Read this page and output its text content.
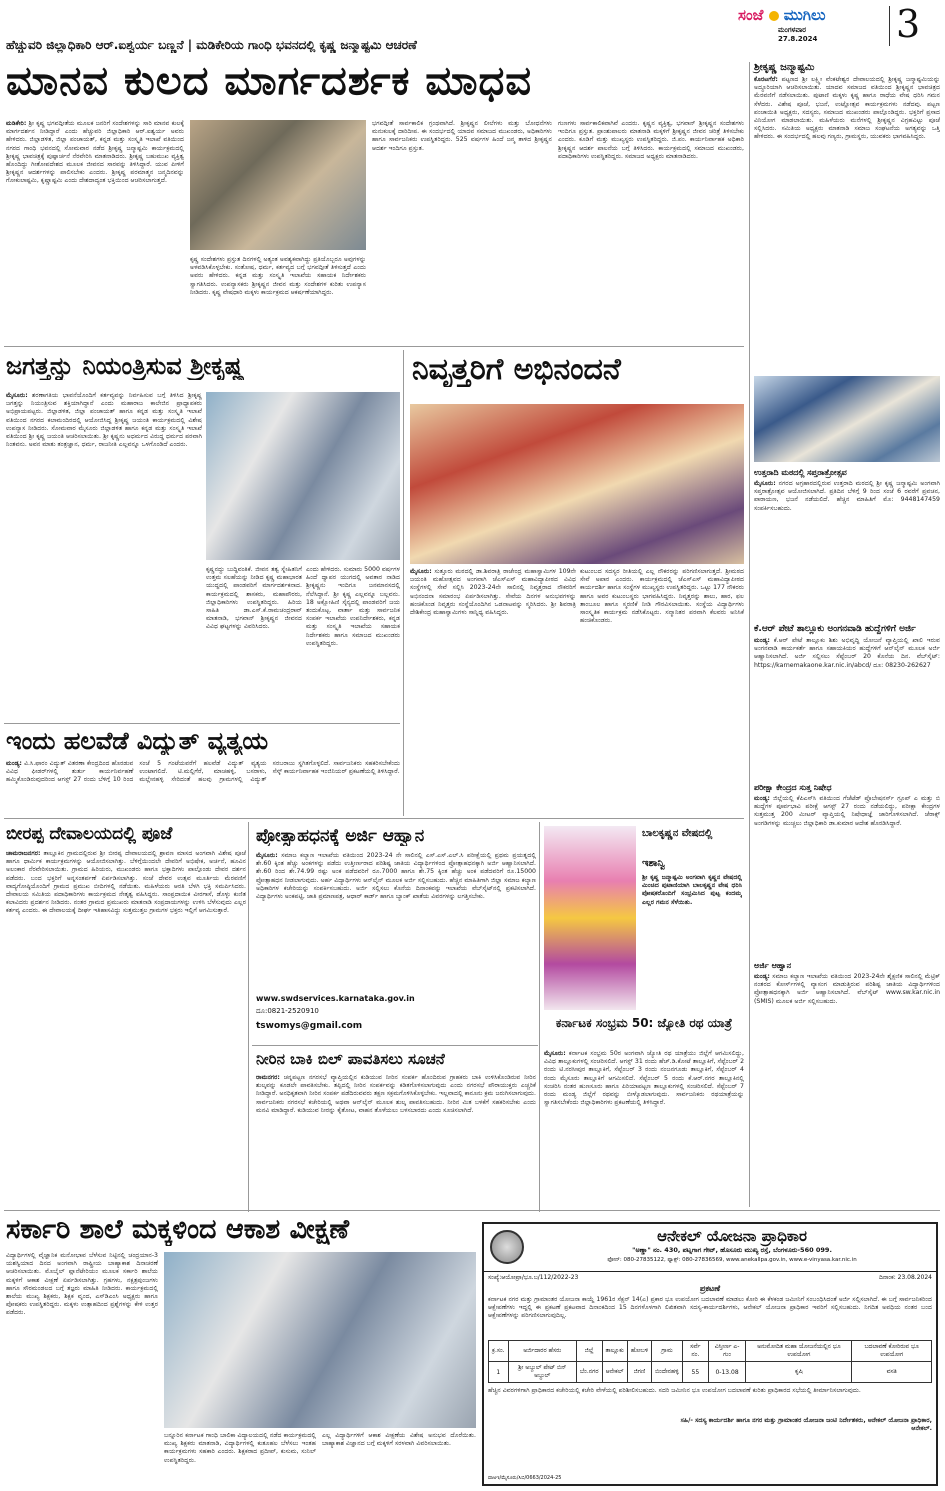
ಸಂಜೆ ಮುಗಿಲು
ಮಂಗಳವಾರ
27.8.2024 3
ಹೆಚ್ಚುವರಿ ಜಿಲ್ಲಾಧಿಕಾರಿ ಆರ್.ಐಶ್ವರ್ಯ ಬಣ್ಣನೆ | ಮಡಿಕೇರಿಯ ಗಾಂಧಿ ಭವನದಲ್ಲಿ ಕೃಷ್ಣ ಜನ್ಮಾಷ್ಟಮಿ ಆಚರಣೆ
ಮಾನವ ಕುಲದ ಮಾರ್ಗದರ್ಶಕ ಮಾಧವ
ಮಡಿಕೇರಿ: ಶ್ರೀ ಕೃಷ್ಣ ಭಗವದ್ಗೀತೆಯ ಮೂಲಕ ಜನರಿಗೆ ಸಂದೇಶಗಳನ್ನು ಸಾರಿ ಮಾನವ ಕುಲಕ್ಕೆ ಮಾರ್ಗದರ್ಶನ ನೀಡಿದ್ದಾರೆ ಎಂದು ಹೆಚ್ಚುವರಿ ಜಿಲ್ಲಾಧಿಕಾರಿ ಆರ್.ಐಶ್ವರ್ಯ ಅವರು ಹೇಳಿದರು. ಜಿಲ್ಲಾಡಳಿತ, ಜಿಲ್ಲಾ ಪಂಚಾಯತ್, ಕನ್ನಡ ಮತ್ತು ಸಂಸ್ಕೃತಿ ಇಲಾಖೆ ವತಿಯಿಂದ ನಗರದ ಗಾಂಧಿ ಭವನದಲ್ಲಿ ಸೋಮವಾರ ನಡೆದ ಶ್ರೀಕೃಷ್ಣ ಜನ್ಮಾಷ್ಟಮಿ ಕಾರ್ಯಕ್ರಮದಲ್ಲಿ ಶ್ರೀಕೃಷ್ಣ ಭಾವಚಿತ್ರಕ್ಕೆ ಪುಷ್ಪಾರ್ಚನೆ ನೆರವೇರಿಸಿ ಮಾತನಾಡಿದರು. ಶ್ರೀಕೃಷ್ಣ ಬಹುಮುಖ ವ್ಯಕ್ತಿತ್ವ ಹೊಂದಿದ್ದು ಗೀತೋಪದೇಶದ ಮೂಲಕ ಜೀವನದ ಸಾರವನ್ನು ತಿಳಿಸಿದ್ದಾರೆ. ಯುವ ಪೀಳಿಗೆ ಶ್ರೀಕೃಷ್ಣನ ಆದರ್ಶಗಳನ್ನು ಪಾಲಿಸಬೇಕು ಎಂದರು. ಶ್ರೀಕೃಷ್ಣ ಪರಮಾತ್ಮನ ಜನ್ಮದಿನವನ್ನು ಗೋಕುಲಾಷ್ಟಮಿ, ಕೃಷ್ಣಾಷ್ಟಮಿ ಎಂದು ದೇಶದಾದ್ಯಂತ ಭಕ್ತಿಯಿಂದ ಆಚರಿಸಲಾಗುತ್ತದೆ.
ಕೃಷ್ಣ ಸಂದೇಶಗಳು ಪ್ರಸ್ತುತ ದಿನಗಳಲ್ಲಿ ಅತ್ಯಂತ ಅವಶ್ಯಕವಾಗಿದ್ದು ಪ್ರತಿಯೊಬ್ಬರೂ ಅವುಗಳನ್ನು ಅಳವಡಿಸಿಕೊಳ್ಳಬೇಕು. ಸಂತೋಷ, ಧರ್ಮ, ಕರ್ತವ್ಯದ ಬಗ್ಗೆ ಭಗವದ್ಗೀತೆ ತಿಳಿಸುತ್ತದೆ ಎಂದು ಅವರು ಹೇಳಿದರು. ಕನ್ನಡ ಮತ್ತು ಸಂಸ್ಕೃತಿ ಇಲಾಖೆಯ ಸಹಾಯಕ ನಿರ್ದೇಶಕರು ಸ್ವಾಗತಿಸಿದರು. ಉಪನ್ಯಾಸಕರು ಶ್ರೀಕೃಷ್ಣನ ಜೀವನ ಮತ್ತು ಸಂದೇಶಗಳ ಕುರಿತು ಉಪನ್ಯಾಸ ನೀಡಿದರು. ಕೃಷ್ಣ ವೇಷಧಾರಿ ಮಕ್ಕಳು ಕಾರ್ಯಕ್ರಮದ ಆಕರ್ಷಣೆಯಾಗಿದ್ದರು.
ಭಗವದ್ಗೀತೆ ಸಾರ್ವಕಾಲಿಕ ಗ್ರಂಥವಾಗಿದೆ. ಶ್ರೀಕೃಷ್ಣನ ಲೀಲೆಗಳು ಮತ್ತು ಬೋಧನೆಗಳು ಮನುಕುಲಕ್ಕೆ ದಾರಿದೀಪ. ಈ ಸಂದರ್ಭದಲ್ಲಿ ಯಾದವ ಸಮಾಜದ ಮುಖಂಡರು, ಅಧಿಕಾರಿಗಳು ಹಾಗೂ ಸಾರ್ವಜನಿಕರು ಉಪಸ್ಥಿತರಿದ್ದರು. 525 ವರ್ಷಗಳ ಹಿಂದೆ ಜನ್ಮ ತಾಳಿದ ಶ್ರೀಕೃಷ್ಣನ ಆದರ್ಶ ಇಂದಿಗೂ ಪ್ರಸ್ತುತ.
ಗುಣಗಳು ಸಾರ್ವಕಾಲಿಕವಾಗಿವೆ ಎಂದರು. ಕೃಷ್ಣನ ವ್ಯಕ್ತಿತ್ವ, ಭಗವಾನ್ ಶ್ರೀಕೃಷ್ಣನ ಸಂದೇಶಗಳು ಇಂದಿಗೂ ಪ್ರಸ್ತುತ. ಪ್ರಾಂಶುಪಾಲರು ಮಾತನಾಡಿ ಮಕ್ಕಳಿಗೆ ಶ್ರೀಕೃಷ್ಣನ ಜೀವನ ಚರಿತ್ರೆ ತಿಳಿಸಬೇಕು ಎಂದರು. ಕೂಡಿಗೆ ಮತ್ತು ಮುಖ್ಯಸ್ಥರು ಉಪಸ್ಥಿತರಿದ್ದರು. ಜಿ.ಪಂ. ಕಾರ್ಯನಿರ್ವಾಹಕ ಅಧಿಕಾರಿ ಶ್ರೀಕೃಷ್ಣನ ಆದರ್ಶ ಪಾಲನೆಯ ಬಗ್ಗೆ ತಿಳಿಸಿದರು. ಕಾರ್ಯಕ್ರಮದಲ್ಲಿ ಸಮಾಜದ ಮುಖಂಡರು, ಪದಾಧಿಕಾರಿಗಳು ಉಪಸ್ಥಿತರಿದ್ದರು. ಸಮಾಜದ ಅಧ್ಯಕ್ಷರು ಮಾತನಾಡಿದರು.
ಜಗತ್ತನ್ನು ನಿಯಂತ್ರಿಸುವ ಶ್ರೀಕೃಷ್ಣ
ಮೈಸೂರು: ಶರಣಾಗತಿಯ ಭಾವನೆಯೊಂದಿಗೆ ಕರ್ತವ್ಯವನ್ನು ನಿರ್ವಹಿಸುವ ಬಗ್ಗೆ ತಿಳಿಸಿದ ಶ್ರೀಕೃಷ್ಣ ಜಗತ್ತನ್ನು ನಿಯಂತ್ರಿಸುವ ಶಕ್ತಿಯಾಗಿದ್ದಾನೆ ಎಂದು ಮಹಾರಾಜ ಕಾಲೇಜಿನ ಪ್ರಾಧ್ಯಾಪಕರು ಅಭಿಪ್ರಾಯಪಟ್ಟರು. ಜಿಲ್ಲಾಡಳಿತ, ಜಿಲ್ಲಾ ಪಂಚಾಯತ್ ಹಾಗೂ ಕನ್ನಡ ಮತ್ತು ಸಂಸ್ಕೃತಿ ಇಲಾಖೆ ವತಿಯಿಂದ ನಗರದ ಕಲಾಮಂದಿರದಲ್ಲಿ ಆಯೋಜಿಸಿದ್ದ ಶ್ರೀಕೃಷ್ಣ ಜಯಂತಿ ಕಾರ್ಯಕ್ರಮದಲ್ಲಿ ವಿಶೇಷ ಉಪನ್ಯಾಸ ನೀಡಿದರು. ಸೋಮವಾರ ಮೈಸೂರು ಜಿಲ್ಲಾಡಳಿತ ಹಾಗೂ ಕನ್ನಡ ಮತ್ತು ಸಂಸ್ಕೃತಿ ಇಲಾಖೆ ವತಿಯಿಂದ ಶ್ರೀ ಕೃಷ್ಣ ಜಯಂತಿ ಆಚರಿಸಲಾಯಿತು. ಶ್ರೀ ಕೃಷ್ಣನು ಅಧರ್ಮದ ವಿರುದ್ಧ ಧರ್ಮದ ಪರವಾಗಿ ನಿಂತವನು. ಅವನ ಮಾತು ತಂತ್ರಜ್ಞಾನ, ಧರ್ಮ, ರಾಜನೀತಿ ಎಲ್ಲವನ್ನೂ ಒಳಗೊಂಡಿದೆ ಎಂದರು.
ಕೃಷ್ಣನದ್ದು ಬುದ್ಧಿವಂತಿಕೆ. ಜೀವನ ತತ್ವ ಸ್ನೇಹಿತನಿಗೆ ಉತ್ತಮ ಸಲಹೆಯನ್ನು ನೀಡಿದ ಕೃಷ್ಣ ಮಹಾಭಾರತ ಯುದ್ಧದಲ್ಲಿ ಪಾಂಡವರಿಗೆ ಮಾರ್ಗದರ್ಶಕನಾದ. ಕಾರ್ಯಕ್ರಮದಲ್ಲಿ ಶಾಸಕರು, ಮಹಾಪೌರರು, ಜಿಲ್ಲಾಧಿಕಾರಿಗಳು ಉಪಸ್ಥಿತರಿದ್ದರು. ಹಿರಿಯ ಸಾಹಿತಿ ಡಾ.ಎಸ್.ಕೆ.ರಾಮಚಂದ್ರರಾವ್ ಮಾತನಾಡಿ, ಭಗವಾನ್ ಶ್ರೀಕೃಷ್ಣನ ಜೀವನದ ವಿವಿಧ ಘಟ್ಟಗಳನ್ನು ವಿವರಿಸಿದರು.
ಎಂದು ಹೇಳಿದರು. ಸುಮಾರು 5000 ವರ್ಷಗಳ ಹಿಂದೆ ದ್ವಾಪರ ಯುಗದಲ್ಲಿ ಅವತಾರ ನಾಡಿದ ಶ್ರೀಕೃಷ್ಣನು ಇಂದಿಗೂ ಜನಮಾನಸದಲ್ಲಿ ನೆಲೆಸಿದ್ದಾನೆ. ಶ್ರೀ ಕೃಷ್ಣ ಎಲ್ಲವನ್ನೂ ಬಲ್ಲವನು. 18 ಅಕ್ಷೋಹಿಣಿ ಸೈನ್ಯದಲ್ಲಿ ಪಾಂಡವರಿಗೆ ಜಯ ತಂದುಕೊಟ್ಟ. ವಾರ್ತಾ ಮತ್ತು ಸಾರ್ವಜನಿಕ ಸಂಪರ್ಕ ಇಲಾಖೆಯ ಉಪನಿರ್ದೇಶಕರು, ಕನ್ನಡ ಮತ್ತು ಸಂಸ್ಕೃತಿ ಇಲಾಖೆಯ ಸಹಾಯಕ ನಿರ್ದೇಶಕರು ಹಾಗೂ ಸಮಾಜದ ಮುಖಂಡರು ಉಪಸ್ಥಿತರಿದ್ದರು.
ನಿವೃತ್ತರಿಗೆ ಅಭಿನಂದನೆ
ಮೈಸೂರು: ಸುತ್ತೂರು ಮಠದಲ್ಲಿ ಡಾ.ಶಿವರಾತ್ರಿ ರಾಜೇಂದ್ರ ಮಹಾಸ್ವಾಮಿಗಳ 109ನೇ ಜಯಂತಿ ಮಹೋತ್ಸವದ ಅಂಗವಾಗಿ ಜೆಎಸ್‌ಎಸ್ ಮಹಾವಿದ್ಯಾಪೀಠದ ವಿವಿಧ ಸಂಸ್ಥೆಗಳಲ್ಲಿ ಸೇವೆ ಸಲ್ಲಿಸಿ 2023-24ನೇ ಸಾಲಿನಲ್ಲಿ ನಿವೃತ್ತರಾದ ನೌಕರರಿಗೆ ಅಭಿನಂದನಾ ಸಮಾರಂಭ ಏರ್ಪಡಿಸಲಾಗಿತ್ತು. ಸೇವೆಯ ದಿನಗಳ ಅನುಭವಗಳನ್ನು ಹಂಚಿಕೊಂಡ ನಿವೃತ್ತರು ಸಂಸ್ಥೆಯೊಂದಿಗಿನ ಒಡನಾಟವನ್ನು ಸ್ಮರಿಸಿದರು. ಶ್ರೀ ಶಿವರಾತ್ರಿ ದೇಶಿಕೇಂದ್ರ ಮಹಾಸ್ವಾಮಿಗಳು ಸಾನ್ನಿಧ್ಯ ವಹಿಸಿದ್ದರು.
ಕುಟುಂಬದ ಸದಸ್ಯರ ರೀತಿಯಲ್ಲಿ ಎಲ್ಲ ನೌಕರರನ್ನು ಪರಿಗಣಿಸಲಾಗುತ್ತದೆ. ಶ್ರೀಮಠದ ಸೇವೆ ಅಪಾರ ಎಂದರು. ಕಾರ್ಯಕ್ರಮದಲ್ಲಿ ಜೆಎಸ್‌ಎಸ್ ಮಹಾವಿದ್ಯಾಪೀಠದ ಕಾರ್ಯದರ್ಶಿ ಹಾಗೂ ಸಂಸ್ಥೆಗಳ ಮುಖ್ಯಸ್ಥರು ಉಪಸ್ಥಿತರಿದ್ದರು. ಒಟ್ಟು 177 ನೌಕರರು ಹಾಗೂ ಅವರ ಕುಟುಂಬಸ್ಥರು ಭಾಗವಹಿಸಿದ್ದರು. ನಿವೃತ್ತರನ್ನು ಶಾಲು, ಹಾರ, ಫಲ ತಾಂಬೂಲ ಹಾಗೂ ಸ್ಮರಣಿಕೆ ನೀಡಿ ಗೌರವಿಸಲಾಯಿತು. ಸಂಸ್ಥೆಯ ವಿದ್ಯಾರ್ಥಿಗಳು ಸಾಂಸ್ಕೃತಿಕ ಕಾರ್ಯಕ್ರಮ ನಡೆಸಿಕೊಟ್ಟರು. ಸನ್ಮಾನಿತರ ಪರವಾಗಿ ಕೆಲವರು ಅನಿಸಿಕೆ ಹಂಚಿಕೊಂಡರು.
ಇಂದು ಹಲವೆಡೆ ವಿದ್ಯುತ್ ವ್ಯತ್ಯಯ
ಮಂಡ್ಯ: ವಿ.ಸಿ.ಫಾರಂ ವಿದ್ಯುತ್ ವಿತರಣಾ ಕೇಂದ್ರದಿಂದ ಹೊರಡುವ ವಿವಿಧ ಫೀಡರ್‌ಗಳಲ್ಲಿ ತುರ್ತು ಕಾರ್ಯನಿರ್ವಹಣೆ ಹಮ್ಮಿಕೊಂಡಿರುವುದರಿಂದ ಆಗಸ್ಟ್ 27 ರಂದು ಬೆಳಿಗ್ಗೆ 10 ರಿಂದ ಸಂಜೆ 5 ಗಂಟೆಯವರೆಗೆ ಹಲವೆಡೆ ವಿದ್ಯುತ್ ವ್ಯತ್ಯಯ ಉಂಟಾಗಲಿದೆ. ಟಿ.ಮಲ್ಲಿಗೆರೆ, ಮಾಚಹಳ್ಳಿ, ಬಸರಾಳು, ಮಲ್ಲೇನಹಳ್ಳಿ ಸೇರಿದಂತೆ ಹಲವು ಗ್ರಾಮಗಳಲ್ಲಿ ವಿದ್ಯುತ್ ಸರಬರಾಜು ಸ್ಥಗಿತಗೊಳ್ಳಲಿದೆ. ಸಾರ್ವಜನಿಕರು ಸಹಕರಿಸಬೇಕೆಂದು ಸೆಸ್ಕ್ ಕಾರ್ಯನಿರ್ವಾಹಕ ಇಂಜಿನಿಯರ್ ಪ್ರಕಟಣೆಯಲ್ಲಿ ತಿಳಿಸಿದ್ದಾರೆ.
ಬೀರಪ್ಪ ದೇವಾಲಯದಲ್ಲಿ ಪೂಜೆ
ಚಾಮರಾಜನಗರ: ತಾಲ್ಲೂಕಿನ ಗ್ರಾಮದಲ್ಲಿರುವ ಶ್ರೀ ಬೀರಪ್ಪ ದೇವಾಲಯದಲ್ಲಿ ಶ್ರಾವಣ ಮಾಸದ ಅಂಗವಾಗಿ ವಿಶೇಷ ಪೂಜೆ ಹಾಗೂ ಧಾರ್ಮಿಕ ಕಾರ್ಯಕ್ರಮಗಳನ್ನು ಆಯೋಜಿಸಲಾಗಿತ್ತು. ಬೆಳಿಗ್ಗೆಯಿಂದಲೇ ದೇವರಿಗೆ ಅಭಿಷೇಕ, ಅರ್ಚನೆ, ಹೂವಿನ ಅಲಂಕಾರ ನೆರವೇರಿಸಲಾಯಿತು. ಗ್ರಾಮದ ಹಿರಿಯರು, ಮುಖಂಡರು ಹಾಗೂ ಭಕ್ತಾದಿಗಳು ಪಾಲ್ಗೊಂಡು ದೇವರ ದರ್ಶನ ಪಡೆದರು. ಬಂದ ಭಕ್ತರಿಗೆ ಅನ್ನಸಂತರ್ಪಣೆ ಏರ್ಪಡಿಸಲಾಗಿತ್ತು. ಸಂಜೆ ದೇವರ ಉತ್ಸವ ಮೂರ್ತಿಯ ಮೆರವಣಿಗೆ ವಾದ್ಯಗೋಷ್ಠಿಯೊಂದಿಗೆ ಗ್ರಾಮದ ಪ್ರಮುಖ ಬೀದಿಗಳಲ್ಲಿ ನಡೆಯಿತು. ಮಹಿಳೆಯರು ಆರತಿ ಬೆಳಗಿ ಭಕ್ತಿ ಸಮರ್ಪಿಸಿದರು. ದೇವಾಲಯ ಸಮಿತಿಯ ಪದಾಧಿಕಾರಿಗಳು ಕಾರ್ಯಕ್ರಮದ ನೇತೃತ್ವ ವಹಿಸಿದ್ದರು. ಸಾಂಪ್ರದಾಯಿಕ ವೀರಗಾಸೆ, ಡೊಳ್ಳು ಕುಣಿತ ಕಲಾವಿದರು ಪ್ರದರ್ಶನ ನೀಡಿದರು. ನಂತರ ಗ್ರಾಮದ ಪ್ರಮುಖರು ಮಾತನಾಡಿ ಸಂಪ್ರದಾಯಗಳನ್ನು ಉಳಿಸಿ ಬೆಳೆಸುವುದು ಎಲ್ಲರ ಕರ್ತವ್ಯ ಎಂದರು. ಈ ದೇವಾಲಯಕ್ಕೆ ದೀರ್ಘ ಇತಿಹಾಸವಿದ್ದು ಸುತ್ತಮುತ್ತಲ ಗ್ರಾಮಗಳ ಭಕ್ತರು ಇಲ್ಲಿಗೆ ಆಗಮಿಸುತ್ತಾರೆ.
ಪ್ರೋತ್ಸಾಹಧನಕ್ಕೆ ಅರ್ಜಿ ಆಹ್ವಾನ
ಮೈಸೂರು: ಸಮಾಜ ಕಲ್ಯಾಣ ಇಲಾಖೆಯ ವತಿಯಿಂದ 2023-24 ನೇ ಸಾಲಿನಲ್ಲಿ ಎಸ್.ಎಸ್.ಎಲ್.ಸಿ ಪರೀಕ್ಷೆಯಲ್ಲಿ ಪ್ರಥಮ ಪ್ರಯತ್ನದಲ್ಲಿ ಶೇ.60 ಕ್ಕಿಂತ ಹೆಚ್ಚು ಅಂಕಗಳನ್ನು ಪಡೆದು ಉತ್ತೀರ್ಣರಾದ ಪರಿಶಿಷ್ಟ ಜಾತಿಯ ವಿದ್ಯಾರ್ಥಿಗಳಿಂದ ಪ್ರೋತ್ಸಾಹಧನಕ್ಕಾಗಿ ಅರ್ಜಿ ಆಹ್ವಾನಿಸಲಾಗಿದೆ. ಶೇ.60 ರಿಂದ ಶೇ.74.99 ರಷ್ಟು ಅಂಕ ಪಡೆದವರಿಗೆ ರೂ.7000 ಹಾಗೂ ಶೇ.75 ಕ್ಕಿಂತ ಹೆಚ್ಚು ಅಂಕ ಪಡೆದವರಿಗೆ ರೂ.15000 ಪ್ರೋತ್ಸಾಹಧನ ನೀಡಲಾಗುವುದು. ಅರ್ಹ ವಿದ್ಯಾರ್ಥಿಗಳು ಆನ್‌ಲೈನ್ ಮೂಲಕ ಅರ್ಜಿ ಸಲ್ಲಿಸಬಹುದು. ಹೆಚ್ಚಿನ ಮಾಹಿತಿಗಾಗಿ ಜಿಲ್ಲಾ ಸಮಾಜ ಕಲ್ಯಾಣ ಅಧಿಕಾರಿಗಳ ಕಚೇರಿಯನ್ನು ಸಂಪರ್ಕಿಸಬಹುದು. ಅರ್ಜಿ ಸಲ್ಲಿಸಲು ಕೊನೆಯ ದಿನಾಂಕವನ್ನು ಇಲಾಖೆಯ ವೆಬ್‌ಸೈಟ್‌ನಲ್ಲಿ ಪ್ರಕಟಿಸಲಾಗಿದೆ. ವಿದ್ಯಾರ್ಥಿಗಳು ಅಂಕಪಟ್ಟಿ, ಜಾತಿ ಪ್ರಮಾಣಪತ್ರ, ಆಧಾರ್ ಕಾರ್ಡ್ ಹಾಗೂ ಬ್ಯಾಂಕ್ ಖಾತೆಯ ವಿವರಗಳನ್ನು ಲಗತ್ತಿಸಬೇಕು.
www.swdservices.karnataka.gov.in
ದೂ:0821-2520910
tswomys@gmail.com
ನೀರಿನ ಬಾಕಿ ಬಿಲ್ ಪಾವತಿಸಲು ಸೂಚನೆ
ರಾಮನಗರ: ಚನ್ನಪಟ್ಟಣ ನಗರಸಭೆ ವ್ಯಾಪ್ತಿಯಲ್ಲಿನ ಕುಡಿಯುವ ನೀರಿನ ಸಂಪರ್ಕ ಹೊಂದಿರುವ ಗ್ರಾಹಕರು ಬಾಕಿ ಉಳಿಸಿಕೊಂಡಿರುವ ನೀರಿನ ಶುಲ್ಕವನ್ನು ಕೂಡಲೇ ಪಾವತಿಸಬೇಕು. ತಪ್ಪಿದಲ್ಲಿ ನೀರಿನ ಸಂಪರ್ಕವನ್ನು ಕಡಿತಗೊಳಿಸಲಾಗುವುದು ಎಂದು ನಗರಸಭೆ ಪೌರಾಯುಕ್ತರು ಎಚ್ಚರಿಕೆ ನೀಡಿದ್ದಾರೆ. ಅನಧಿಕೃತವಾಗಿ ನೀರಿನ ಸಂಪರ್ಕ ಪಡೆದಿರುವವರು ತಕ್ಷಣ ಸಕ್ರಮಗೊಳಿಸಿಕೊಳ್ಳಬೇಕು. ಇಲ್ಲವಾದಲ್ಲಿ ಕಾನೂನು ಕ್ರಮ ಜರುಗಿಸಲಾಗುವುದು. ಸಾರ್ವಜನಿಕರು ನಗರಸಭೆ ಕಚೇರಿಯಲ್ಲಿ ಅಥವಾ ಆನ್‌ಲೈನ್ ಮೂಲಕ ಶುಲ್ಕ ಪಾವತಿಸಬಹುದು. ನೀರಿನ ಮಿತ ಬಳಕೆಗೆ ಸಹಕರಿಸಬೇಕು ಎಂದು ಮನವಿ ಮಾಡಿದ್ದಾರೆ. ಕುಡಿಯುವ ನೀರನ್ನು ಕೈತೋಟ, ವಾಹನ ತೊಳೆಯಲು ಬಳಸಬಾರದು ಎಂದು ಸೂಚಿಸಲಾಗಿದೆ.
ಬಾಲಕೃಷ್ಣನ ವೇಷದಲ್ಲಿ
ಇಶಾನ್ವಿ
ಶ್ರೀ ಕೃಷ್ಣ ಜನ್ಮಾಷ್ಟಮಿ ಅಂಗವಾಗಿ ಕೃಷ್ಣನ ವೇಷದಲ್ಲಿ ಮಿಂಚಿದ ಪುಟಾಣಿಯಾಗಿ ಬಾಲಕೃಷ್ಣನ ವೇಷ ಧರಿಸಿ ಪೋಷಕರೊಂದಿಗೆ ಸಂಭ್ರಮಿಸಿದ ಪುಟ್ಟ ಕಂದಮ್ಮ ಎಲ್ಲರ ಗಮನ ಸೆಳೆಯಿತು.
ಕರ್ನಾಟಕ ಸಂಭ್ರಮ 50: ಜ್ಯೋತಿ ರಥ ಯಾತ್ರೆ
ಮೈಸೂರು: ಕರ್ನಾಟಕ ಸಂಭ್ರಮ 50ರ ಅಂಗವಾಗಿ ಜ್ಯೋತಿ ರಥ ಯಾತ್ರೆಯು ಜಿಲ್ಲೆಗೆ ಆಗಮಿಸಲಿದ್ದು, ವಿವಿಧ ತಾಲ್ಲೂಕುಗಳಲ್ಲಿ ಸಂಚರಿಸಲಿದೆ. ಆಗಸ್ಟ್ 31 ರಂದು ಹೆಚ್.ಡಿ.ಕೋಟೆ ತಾಲ್ಲೂಕಿಗೆ, ಸೆಪ್ಟೆಂಬರ್ 2 ರಂದು ಟಿ.ನರಸೀಪುರ ತಾಲ್ಲೂಕಿಗೆ, ಸೆಪ್ಟೆಂಬರ್ 3 ರಂದು ನಂಜನಗೂಡು ತಾಲ್ಲೂಕಿಗೆ, ಸೆಪ್ಟೆಂಬರ್ 4 ರಂದು ಮೈಸೂರು ತಾಲ್ಲೂಕಿಗೆ ಆಗಮಿಸಲಿದೆ. ಸೆಪ್ಟೆಂಬರ್ 5 ರಂದು ಕೆ.ಆರ್.ನಗರ ತಾಲ್ಲೂಕಿನಲ್ಲಿ ಸಂಚರಿಸಿ ನಂತರ ಹುಣಸೂರು ಹಾಗೂ ಪಿರಿಯಾಪಟ್ಟಣ ತಾಲ್ಲೂಕುಗಳಲ್ಲಿ ಸಂಚರಿಸಲಿದೆ. ಸೆಪ್ಟೆಂಬರ್ 7 ರಂದು ಮಂಡ್ಯ ಜಿಲ್ಲೆಗೆ ರಥವನ್ನು ಬೀಳ್ಕೊಡಲಾಗುವುದು. ಸಾರ್ವಜನಿಕರು ರಥಯಾತ್ರೆಯನ್ನು ಸ್ವಾಗತಿಸಬೇಕೆಂದು ಜಿಲ್ಲಾಧಿಕಾರಿಗಳು ಪ್ರಕಟಣೆಯಲ್ಲಿ ತಿಳಿಸಿದ್ದಾರೆ.
ಶ್ರೀಕೃಷ್ಣ ಜನ್ಮಾಷ್ಟಮಿ
ಕೊರಟಗೆರೆ: ಪಟ್ಟಣದ ಶ್ರೀ ಲಕ್ಷ್ಮೀ ವೆಂಕಟೇಶ್ವರ ದೇವಾಲಯದಲ್ಲಿ ಶ್ರೀಕೃಷ್ಣ ಜನ್ಮಾಷ್ಟಮಿಯನ್ನು ಅದ್ಧೂರಿಯಾಗಿ ಆಚರಿಸಲಾಯಿತು. ಯಾದವ ಸಮಾಜದ ವತಿಯಿಂದ ಶ್ರೀಕೃಷ್ಣನ ಭಾವಚಿತ್ರದ ಮೆರವಣಿಗೆ ನಡೆಸಲಾಯಿತು. ಪುಟಾಣಿ ಮಕ್ಕಳು ಕೃಷ್ಣ ಹಾಗೂ ರಾಧೆಯ ವೇಷ ಧರಿಸಿ ಗಮನ ಸೆಳೆದರು. ವಿಶೇಷ ಪೂಜೆ, ಭಜನೆ, ಉಟ್ಲೋತ್ಸವ ಕಾರ್ಯಕ್ರಮಗಳು ನಡೆದವು. ಪಟ್ಟಣ ಪಂಚಾಯಿತಿ ಅಧ್ಯಕ್ಷರು, ಸದಸ್ಯರು, ಸಮಾಜದ ಮುಖಂಡರು ಪಾಲ್ಗೊಂಡಿದ್ದರು. ಭಕ್ತರಿಗೆ ಪ್ರಸಾದ ವಿನಿಯೋಗ ಮಾಡಲಾಯಿತು. ಮಹಿಳೆಯರು ಮನೆಗಳಲ್ಲಿ ಶ್ರೀಕೃಷ್ಣನ ವಿಗ್ರಹವಿಟ್ಟು ಪೂಜೆ ಸಲ್ಲಿಸಿದರು. ಸಮಿತಿಯ ಅಧ್ಯಕ್ಷರು ಮಾತನಾಡಿ ಸಮಾಜ ಸಂಘಟನೆಯ ಅಗತ್ಯವನ್ನು ಒತ್ತಿ ಹೇಳಿದರು. ಈ ಸಂದರ್ಭದಲ್ಲಿ ಹಲವು ಗಣ್ಯರು, ಗ್ರಾಮಸ್ಥರು, ಯುವಕರು ಭಾಗವಹಿಸಿದ್ದರು.
ಉತ್ತರಾದಿ ಮಠದಲ್ಲಿ ಸಪ್ತರಾತ್ರೋತ್ಸವ
ಮೈಸೂರು: ನಗರದ ಅಗ್ರಹಾರದಲ್ಲಿರುವ ಉತ್ತರಾದಿ ಮಠದಲ್ಲಿ ಶ್ರೀ ಕೃಷ್ಣ ಜನ್ಮಾಷ್ಟಮಿ ಅಂಗವಾಗಿ ಸಪ್ತರಾತ್ರೋತ್ಸವ ಆಯೋಜಿಸಲಾಗಿದೆ. ಪ್ರತಿದಿನ ಬೆಳಿಗ್ಗೆ 9 ರಿಂದ ಸಂಜೆ 6 ರವರೆಗೆ ಪ್ರವಚನ, ಪಾರಾಯಣ, ಭಜನೆ ನಡೆಯಲಿದೆ. ಹೆಚ್ಚಿನ ಮಾಹಿತಿಗೆ ಮೊ: 9448147459 ಸಂಪರ್ಕಿಸಬಹುದು.
ಕೆ.ಆರ್ ಪೇಟೆ ತಾಲ್ಲೂಕು ಅಂಗನವಾಡಿ ಹುದ್ದೆಗಳಿಗೆ ಅರ್ಜಿ
ಮಂಡ್ಯ: ಕೆ.ಆರ್ ಪೇಟೆ ತಾಲ್ಲೂಕು ಶಿಶು ಅಭಿವೃದ್ಧಿ ಯೋಜನೆ ವ್ಯಾಪ್ತಿಯಲ್ಲಿ ಖಾಲಿ ಇರುವ ಅಂಗನವಾಡಿ ಕಾರ್ಯಕರ್ತೆ ಹಾಗೂ ಸಹಾಯಕಿಯರ ಹುದ್ದೆಗಳಿಗೆ ಆನ್‌ಲೈನ್ ಮೂಲಕ ಅರ್ಜಿ ಆಹ್ವಾನಿಸಲಾಗಿದೆ. ಅರ್ಜಿ ಸಲ್ಲಿಸಲು ಸೆಪ್ಟೆಂಬರ್ 20 ಕೊನೆಯ ದಿನ. ವೆಬ್‌ಸೈಟ್: https://karnemakaone.kar.nic.in/abcd/ ದೂ: 08230-262627
ಪರೀಕ್ಷಾ ಕೇಂದ್ರದ ಸುತ್ತ ನಿಷೇಧ
ಮಂಡ್ಯ: ಜಿಲ್ಲೆಯಲ್ಲಿ ಕೆಪಿಎಸ್‌ಸಿ ವತಿಯಿಂದ ಗೆಜೆಟೆಡ್ ಪ್ರೊಬೇಷನರ್ಸ್ ಗ್ರೂಪ್ ಎ ಮತ್ತು ಬಿ ಹುದ್ದೆಗಳ ಪೂರ್ವಭಾವಿ ಪರೀಕ್ಷೆ ಆಗಸ್ಟ್ 27 ರಂದು ನಡೆಯಲಿದ್ದು, ಪರೀಕ್ಷಾ ಕೇಂದ್ರಗಳ ಸುತ್ತಮುತ್ತ 200 ಮೀಟರ್ ವ್ಯಾಪ್ತಿಯಲ್ಲಿ ನಿಷೇಧಾಜ್ಞೆ ಜಾರಿಗೊಳಿಸಲಾಗಿದೆ. ಜೆರಾಕ್ಸ್ ಅಂಗಡಿಗಳನ್ನು ಮುಚ್ಚಲು ಜಿಲ್ಲಾಧಿಕಾರಿ ಡಾ.ಕುಮಾರ ಆದೇಶ ಹೊರಡಿಸಿದ್ದಾರೆ.
ಅರ್ಜಿ ಆಹ್ವಾನ
ಮಂಡ್ಯ: ಸಮಾಜ ಕಲ್ಯಾಣ ಇಲಾಖೆಯ ವತಿಯಿಂದ 2023-24ನೇ ಶೈಕ್ಷಣಿಕ ಸಾಲಿನಲ್ಲಿ ಮೆಟ್ರಿಕ್ ನಂತರದ ಕೋರ್ಸ್‌ಗಳಲ್ಲಿ ವ್ಯಾಸಂಗ ಮಾಡುತ್ತಿರುವ ಪರಿಶಿಷ್ಟ ಜಾತಿಯ ವಿದ್ಯಾರ್ಥಿಗಳಿಂದ ಪ್ರೋತ್ಸಾಹಧನಕ್ಕಾಗಿ ಅರ್ಜಿ ಆಹ್ವಾನಿಸಲಾಗಿದೆ. ವೆಬ್‌ಸೈಟ್ www.sw.kar.nic.in (SMIS) ಮೂಲಕ ಅರ್ಜಿ ಸಲ್ಲಿಸಬಹುದು.
ಸರ್ಕಾರಿ ಶಾಲೆ ಮಕ್ಕಳಿಂದ ಆಕಾಶ ವೀಕ್ಷಣೆ
ವಿದ್ಯಾರ್ಥಿಗಳಲ್ಲಿ ವೈಜ್ಞಾನಿಕ ಮನೋಭಾವ ಬೆಳೆಸುವ ನಿಟ್ಟಿನಲ್ಲಿ ಚಂದ್ರಯಾನ-3 ಯಶಸ್ವಿಯಾದ ದಿನದ ಅಂಗವಾಗಿ ರಾಷ್ಟ್ರೀಯ ಬಾಹ್ಯಾಕಾಶ ದಿನಾಚರಣೆ ಆಚರಿಸಲಾಯಿತು. ಮೊಬೈಲ್ ಪ್ಲಾನೆಟೇರಿಯಂ ಮೂಲಕ ಸರ್ಕಾರಿ ಶಾಲೆಯ ಮಕ್ಕಳಿಗೆ ಆಕಾಶ ವೀಕ್ಷಣೆ ಏರ್ಪಡಿಸಲಾಗಿತ್ತು. ಗ್ರಹಗಳು, ನಕ್ಷತ್ರಪುಂಜಗಳು ಹಾಗೂ ಸೌರಮಂಡಲದ ಬಗ್ಗೆ ತಜ್ಞರು ಮಾಹಿತಿ ನೀಡಿದರು. ಕಾರ್ಯಕ್ರಮದಲ್ಲಿ ಶಾಲೆಯ ಮುಖ್ಯ ಶಿಕ್ಷಕರು, ಶಿಕ್ಷಕ ವೃಂದ, ಎಸ್‌ಡಿಎಂಸಿ ಅಧ್ಯಕ್ಷರು ಹಾಗೂ ಪೋಷಕರು ಉಪಸ್ಥಿತರಿದ್ದರು. ಮಕ್ಕಳು ಉತ್ಸಾಹದಿಂದ ಪ್ರಶ್ನೆಗಳನ್ನು ಕೇಳಿ ಉತ್ತರ ಪಡೆದರು.
ಬನ್ನೂರಿನ ಕರ್ನಾಟಕ ಗಾಂಧಿ ಬಾಲಿಕಾ ವಿದ್ಯಾಲಯದಲ್ಲಿ ನಡೆದ ಕಾರ್ಯಕ್ರಮದಲ್ಲಿ ಮುಖ್ಯ ಶಿಕ್ಷಕರು ಮಾತನಾಡಿ, ವಿದ್ಯಾರ್ಥಿಗಳಲ್ಲಿ ಕುತೂಹಲ ಬೆಳೆಸಲು ಇಂತಹ ಕಾರ್ಯಕ್ರಮಗಳು ಸಹಕಾರಿ ಎಂದರು. ಶಿಕ್ಷಕರಾದ ಪ್ರದೀಪ್, ಕುಸುಮ, ಸುನಿಲ್ ಉಪಸ್ಥಿತರಿದ್ದರು.
ಎಲ್ಲ ವಿದ್ಯಾರ್ಥಿಗಳಿಗೆ ಆಕಾಶ ವೀಕ್ಷಣೆಯ ವಿಶೇಷ ಅನುಭವ ದೊರೆಯಿತು. ಬಾಹ್ಯಾಕಾಶ ವಿಜ್ಞಾನದ ಬಗ್ಗೆ ಮಕ್ಕಳಿಗೆ ಸರಳವಾಗಿ ವಿವರಿಸಲಾಯಿತು.
ಆನೇಕಲ್ ಯೋಜನಾ ಪ್ರಾಧಿಕಾರ
"ಅಣ್ಣಾ" ನಂ. 430, ಪಟ್ನಗಾಗ ಗೇಟ್, ಹೊಸೂರು ಮುಖ್ಯ ರಸ್ತೆ, ಬೆಂಗಳೂರು-560 099.
ಫೋನ್: 080-27835122, ಫ್ಯಾಕ್ಸ್: 080-27836569, www.anekallpa.gov.in, www.e-vinyasa.kar.nic.in
ಸಂಖ್ಯೆ:ಆಯೋಪ್ರಾ/ಭೂ.ಬ/112/2022-23	ದಿನಾಂಕ: 23.08.2024
ಪ್ರಕಟಣೆ
ಕರ್ನಾಟಕ ನಗರ ಮತ್ತು ಗ್ರಾಮಾಂತರ ಯೋಜನಾ ಕಾಯ್ದೆ 1961ರ ಸೆಕ್ಷನ್ 14(ಎ) ಪ್ರಕಾರ ಭೂ ಉಪಯೋಗ ಬದಲಾವಣೆ ಮಾಡಲು ಕೋರಿ ಈ ಕೆಳಕಂಡ ಜಮೀನಿಗೆ ಸಂಬಂಧಿಸಿದಂತೆ ಅರ್ಜಿ ಸಲ್ಲಿಸಲಾಗಿದೆ. ಈ ಬಗ್ಗೆ ಸಾರ್ವಜನಿಕರಿಂದ ಆಕ್ಷೇಪಣೆಗಳು ಇದ್ದಲ್ಲಿ ಈ ಪ್ರಕಟಣೆ ಪ್ರಕಟವಾದ ದಿನಾಂಕದಿಂದ 15 ದಿನಗಳೊಳಗಾಗಿ ಲಿಖಿತವಾಗಿ ಸದಸ್ಯ-ಕಾರ್ಯದರ್ಶಿಗಳು, ಆನೇಕಲ್ ಯೋಜನಾ ಪ್ರಾಧಿಕಾರ ಇವರಿಗೆ ಸಲ್ಲಿಸಬಹುದು. ನಿಗದಿತ ಅವಧಿಯ ನಂತರ ಬಂದ ಆಕ್ಷೇಪಣೆಗಳನ್ನು ಪರಿಗಣಿಸಲಾಗುವುದಿಲ್ಲ.
ಕ್ರ.ಸಂ.	ಅರ್ಜಿದಾರರ ಹೆಸರು	ಜಿಲ್ಲೆ	ತಾಲ್ಲೂಕು	ಹೋಬಳಿ	ಗ್ರಾಮ	ಸರ್ವೆ ನಂ.	ವಿಸ್ತೀರ್ಣ ಎ-ಗುಂ	ಅನುಮೋದಿತ ಮಹಾ ಯೋಜನೆಯಲ್ಲಿನ ಭೂ ಉಪಯೋಗ	ಬದಲಾವಣೆ ಕೋರಿರುವ ಭೂ ಉಪಯೋಗ
1	ಶ್ರೀ ಅಬ್ದುಲ್ ಪೇಟ್ ಬಿನ್ ಅಬ್ದುಲ್	ಬೆಂ.ನಗರ	ಆನೇಕಲ್	ಜಿಗಣಿ	ಬಿಂದೇನಹಳ್ಳಿ	55	0-13.08	ಕೃಷಿ	ವಸತಿ
ಹೆಚ್ಚಿನ ವಿವರಗಳಿಗಾಗಿ ಪ್ರಾಧಿಕಾರದ ಕಚೇರಿಯಲ್ಲಿ ಕಚೇರಿ ವೇಳೆಯಲ್ಲಿ ಪರಿಶೀಲಿಸಬಹುದು. ಸದರಿ ಜಮೀನಿನ ಭೂ ಉಪಯೋಗ ಬದಲಾವಣೆ ಕುರಿತು ಪ್ರಾಧಿಕಾರದ ಸಭೆಯಲ್ಲಿ ತೀರ್ಮಾನಿಸಲಾಗುವುದು.
ಸಹಿ/- ಸದಸ್ಯ ಕಾರ್ಯದರ್ಶಿ ಹಾಗೂ ನಗರ ಮತ್ತು ಗ್ರಾಮಾಂತರ ಯೋಜನಾ ಜಂಟಿ ನಿರ್ದೇಶಕರು, ಆನೇಕಲ್ ಯೋಜನಾ ಪ್ರಾಧಿಕಾರ, ಆನೇಕಲ್.
ವಾಅಇ/ಮೈಸೂರು/ಸಿಬಿ/0663/2024-25
